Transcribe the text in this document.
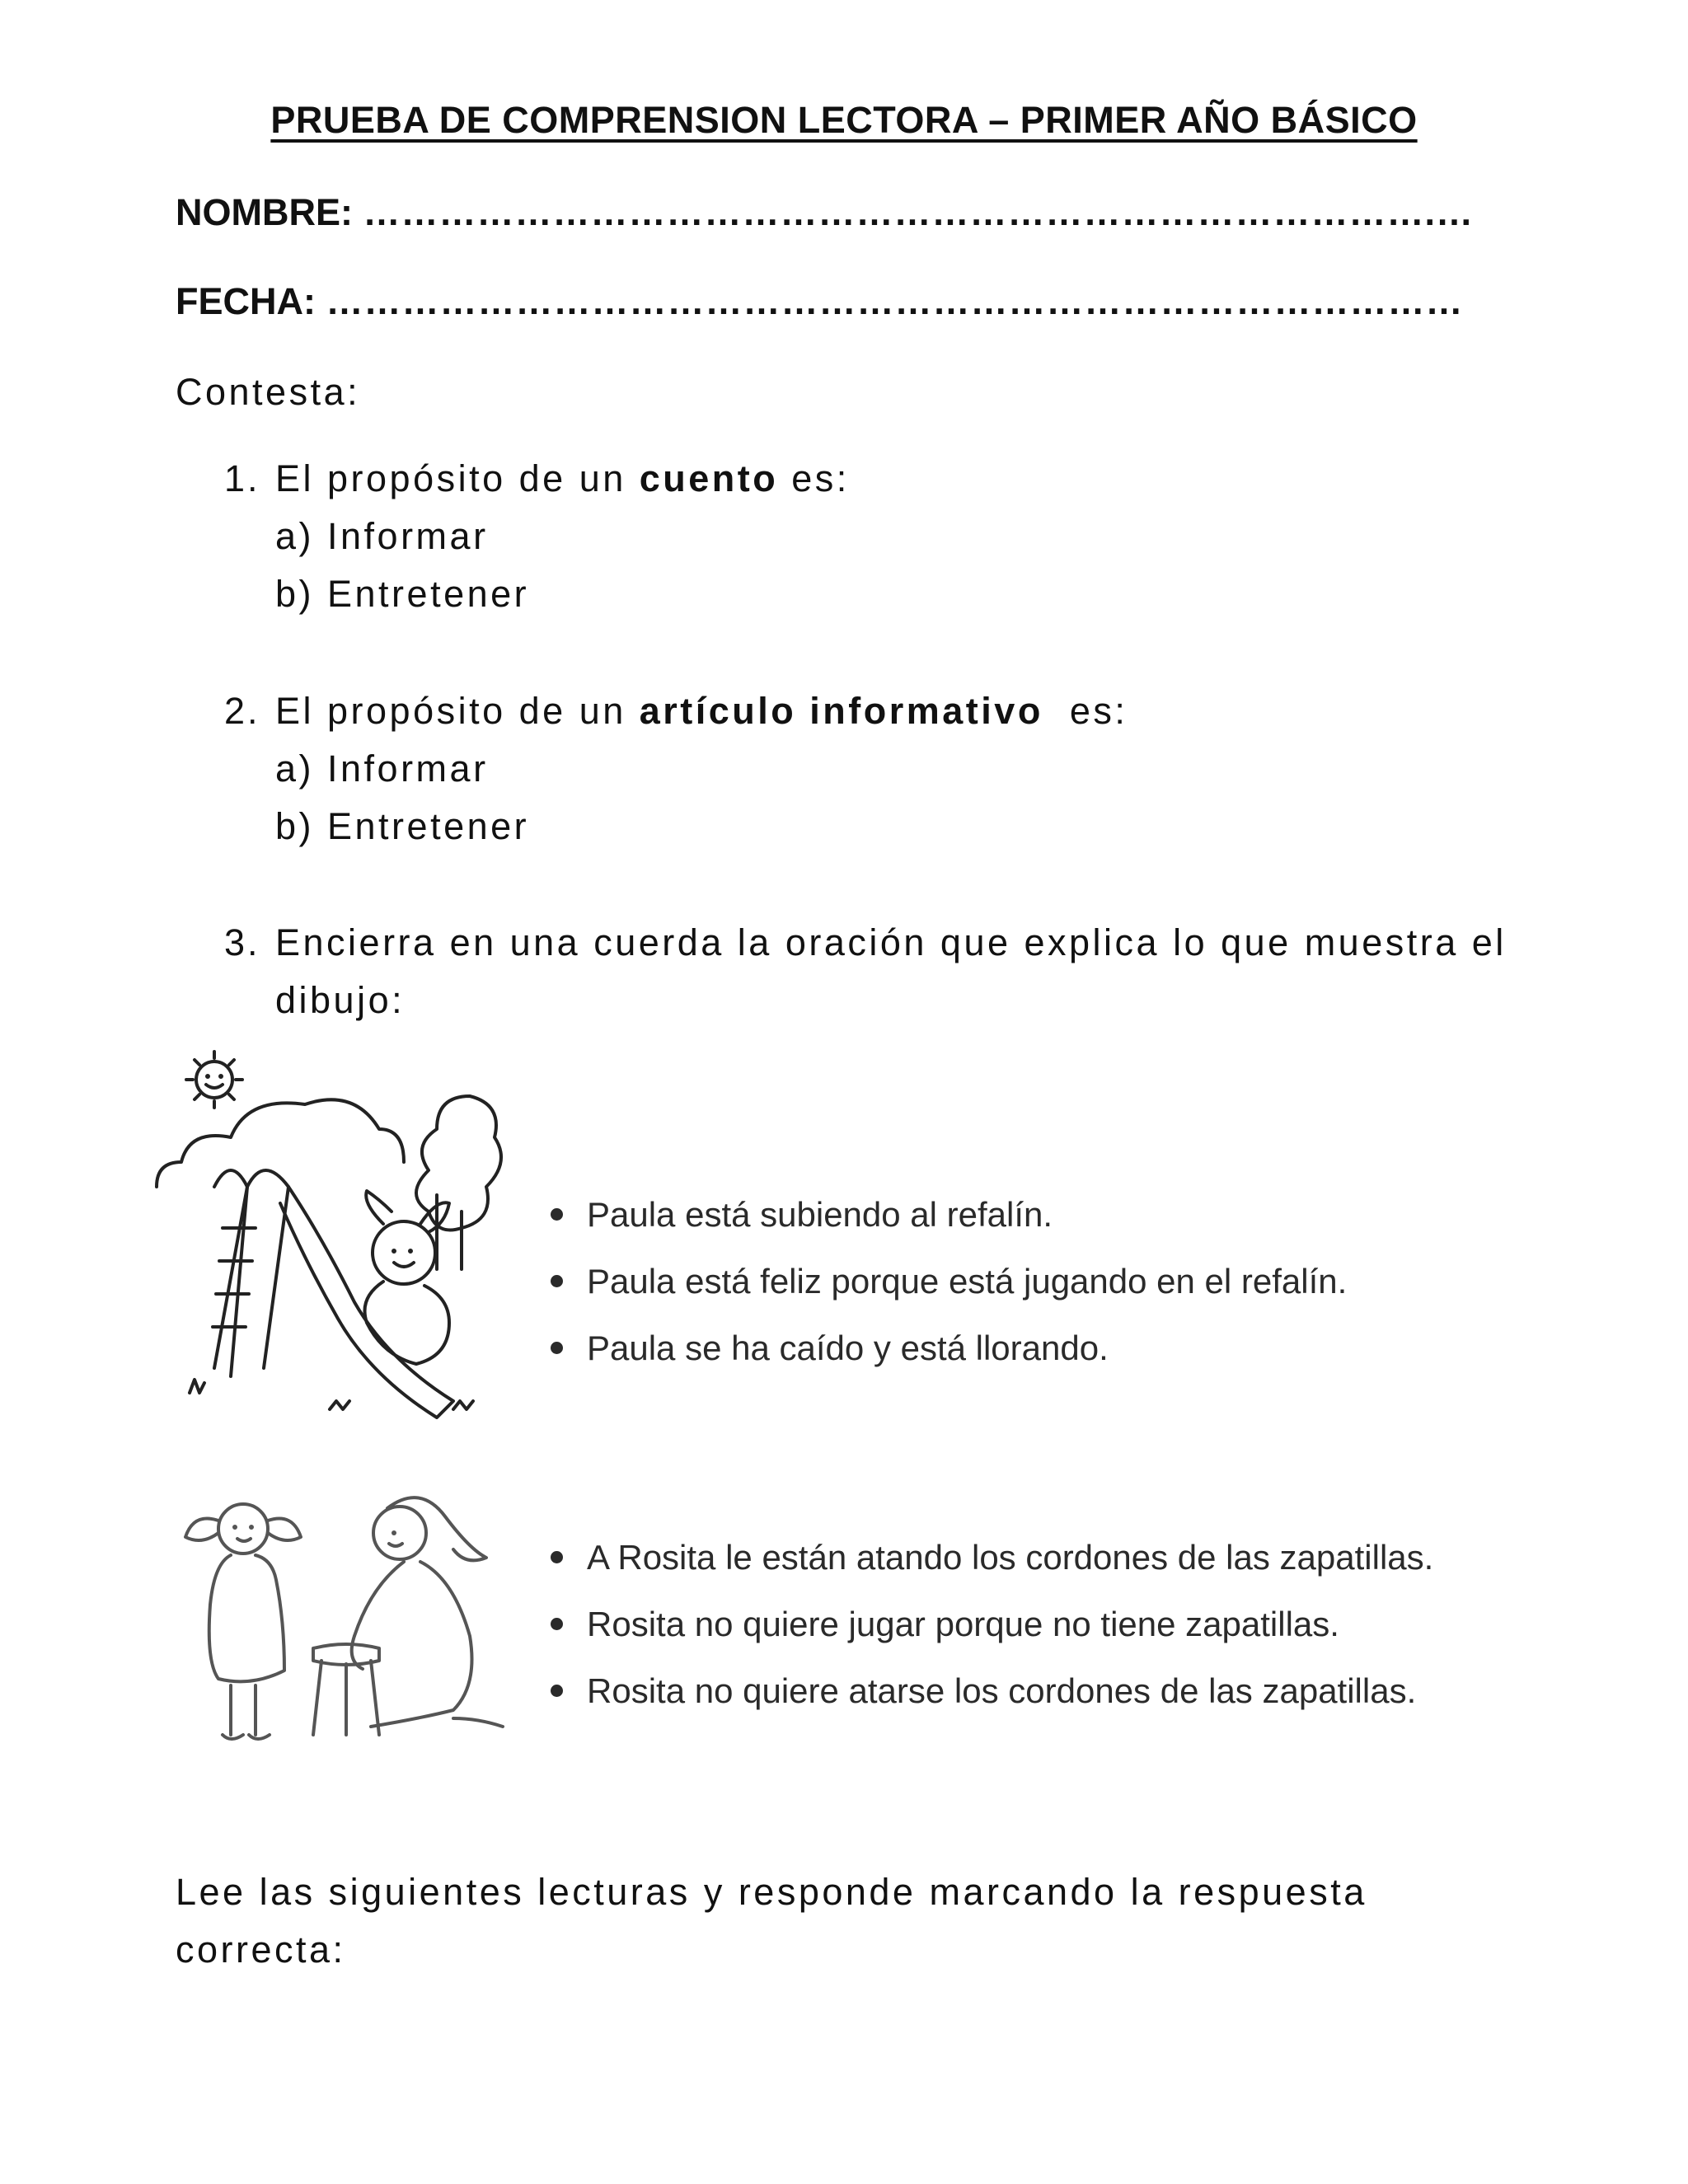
PRUEBA DE COMPRENSION LECTORA – PRIMER AÑO BÁSICO
NOMBRE: ………………………………………………………………………….…
FECHA: ………………………………………………………………………………
Contesta:
1. El propósito de un cuento es:
a) Informar
b) Entretener
2. El propósito de un artículo informativo  es:
a) Informar
b) Entretener
3. Encierra en una cuerda la oración que explica lo que muestra el
dibujo:
Paula está subiendo al refalín.
Paula está feliz porque está jugando en el refalín.
Paula se ha caído y está llorando.
A Rosita le están atando los cordones de las zapatillas.
Rosita no quiere jugar porque no tiene zapatillas.
Rosita no quiere atarse los cordones de las zapatillas.
Lee las siguientes lecturas y responde marcando la respuesta
correcta:
